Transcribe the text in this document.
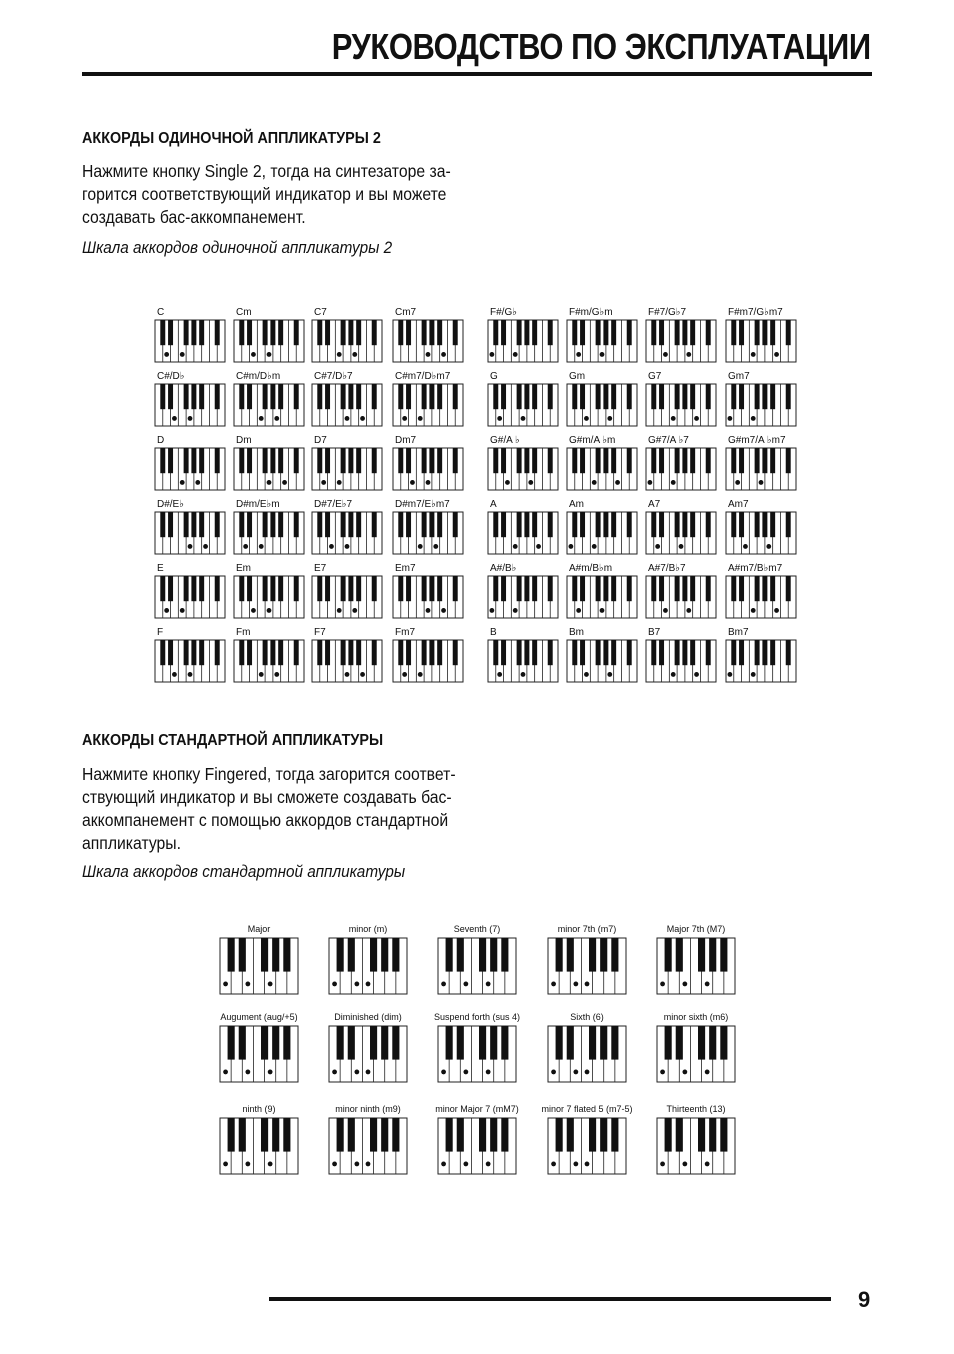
РУКОВОДСТВО ПО ЭКСПЛУАТАЦИИ
АККОРДЫ ОДИНОЧНОЙ АППЛИКАТУРЫ 2
Нажмите кнопку Single 2, тогда на синтезаторе за-
горится соответствующий индикатор и вы можете
создавать бас-аккомпанемент.
Шкала аккордов одиночной аппликатуры 2
АККОРДЫ СТАНДАРТНОЙ АППЛИКАТУРЫ
Нажмите кнопку Fingered, тогда загорится соответ-
ствующий индикатор и вы сможете создавать бас-
аккомпанемент с помощью аккордов стандартной
аппликатуры.
Шкала аккордов стандартной аппликатуры
C	Cm	C7	Cm7	F#/G♭	F#m/G♭m	F#7/G♭7	F#m7/G♭m7
C#/D♭	C#m/D♭m	C#7/D♭7	C#m7/D♭m7	G	Gm	G7	Gm7
D	Dm	D7	Dm7	G#/A ♭	G#m/A ♭m	G#7/A ♭7	G#m7/A ♭m7
D#/E♭	D#m/E♭m	D#7/E♭7	D#m7/E♭m7	A	Am	A7	Am7
E	Em	E7	Em7	A#/B♭	A#m/B♭m	A#7/B♭7	A#m7/B♭m7
F	Fm	F7	Fm7	B	Bm	B7	Bm7
Major	minor (m)	Seventh (7)	minor 7th (m7)	Major 7th (M7)
Augument (aug/+5)	Diminished (dim)	Suspend forth (sus 4)	Sixth (6)	minor sixth (m6)
ninth (9)	minor ninth (m9)	minor Major 7 (mM7)	minor 7 flated 5 (m7-5)	Thirteenth (13)
9
